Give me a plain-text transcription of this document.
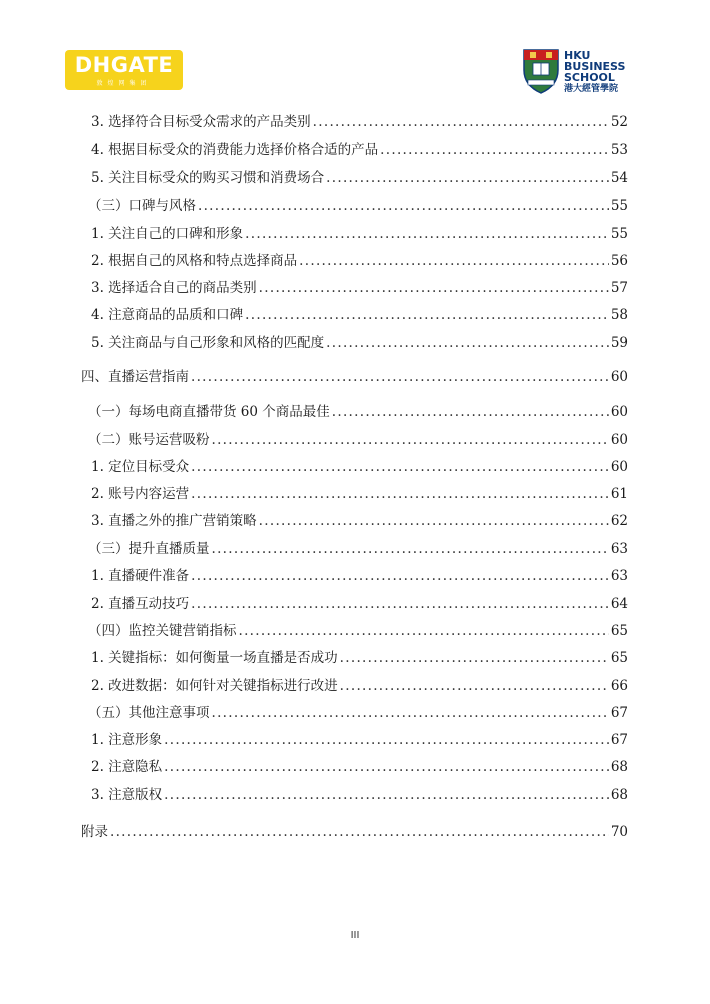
DHGATE
敦煌网集团
HKU
BUSINESS
SCHOOL
港大經管學院
3. 选择符合目标受众需求的产品类别 .....	52
4. 根据目标受众的消费能力选择价格合适的产品 .....	53
5. 关注目标受众的购买习惯和消费场合 .....	54
（三）口碑与风格 .....	55
1. 关注自己的口碑和形象 .....	55
2. 根据自己的风格和特点选择商品 .....	56
3. 选择适合自己的商品类别 .....	57
4. 注意商品的品质和口碑 .....	58
5. 关注商品与自己形象和风格的匹配度 .....	59
四、直播运营指南 .....	60
（一）每场电商直播带货 60 个商品最佳 .....	60
（二）账号运营吸粉 .....	60
1. 定位目标受众 .....	60
2. 账号内容运营 .....	61
3. 直播之外的推广营销策略 .....	62
（三）提升直播质量 .....	63
1. 直播硬件准备 .....	63
2. 直播互动技巧 .....	64
（四）监控关键营销指标 .....	65
1. 关键指标：如何衡量一场直播是否成功 .....	65
2. 改进数据：如何针对关键指标进行改进 .....	66
（五）其他注意事项 .....	67
1. 注意形象 .....	67
2. 注意隐私 .....	68
3. 注意版权 .....	68
附录 .....	70
III
